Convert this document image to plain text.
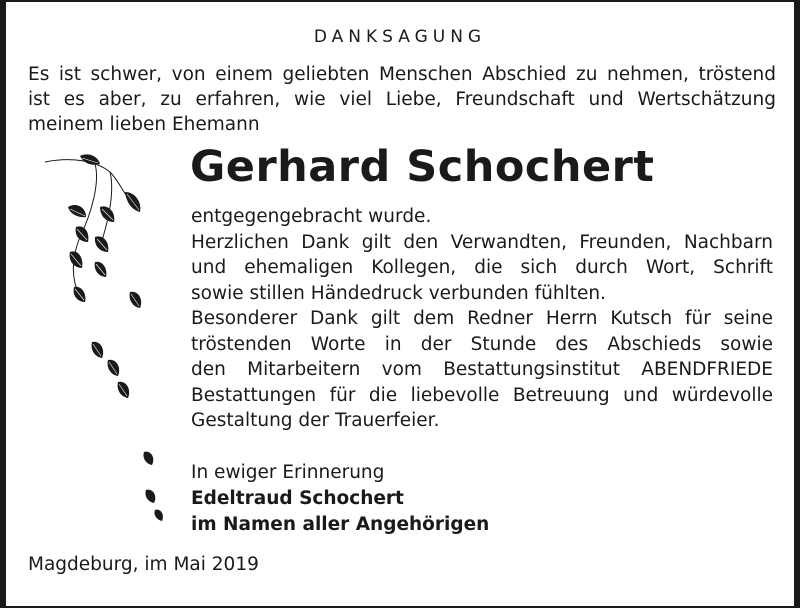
DANKSAGUNG
Es ist schwer, von einem geliebten Menschen Abschied zu nehmen, tröstend
ist es aber, zu erfahren, wie viel Liebe, Freundschaft und Wertschätzung
meinem lieben Ehemann
Gerhard Schochert
entgegengebracht wurde.
Herzlichen Dank gilt den Verwandten, Freunden, Nachbarn
und ehemaligen Kollegen, die sich durch Wort, Schrift
sowie stillen Händedruck verbunden fühlten.
Besonderer Dank gilt dem Redner Herrn Kutsch für seine
tröstenden Worte in der Stunde des Abschieds sowie
den Mitarbeitern vom Bestattungsinstitut ABENDFRIEDE
Bestattungen für die liebevolle Betreuung und würdevolle
Gestaltung der Trauerfeier.
In ewiger Erinnerung
Edeltraud Schochert
im Namen aller Angehörigen
Magdeburg, im Mai 2019
